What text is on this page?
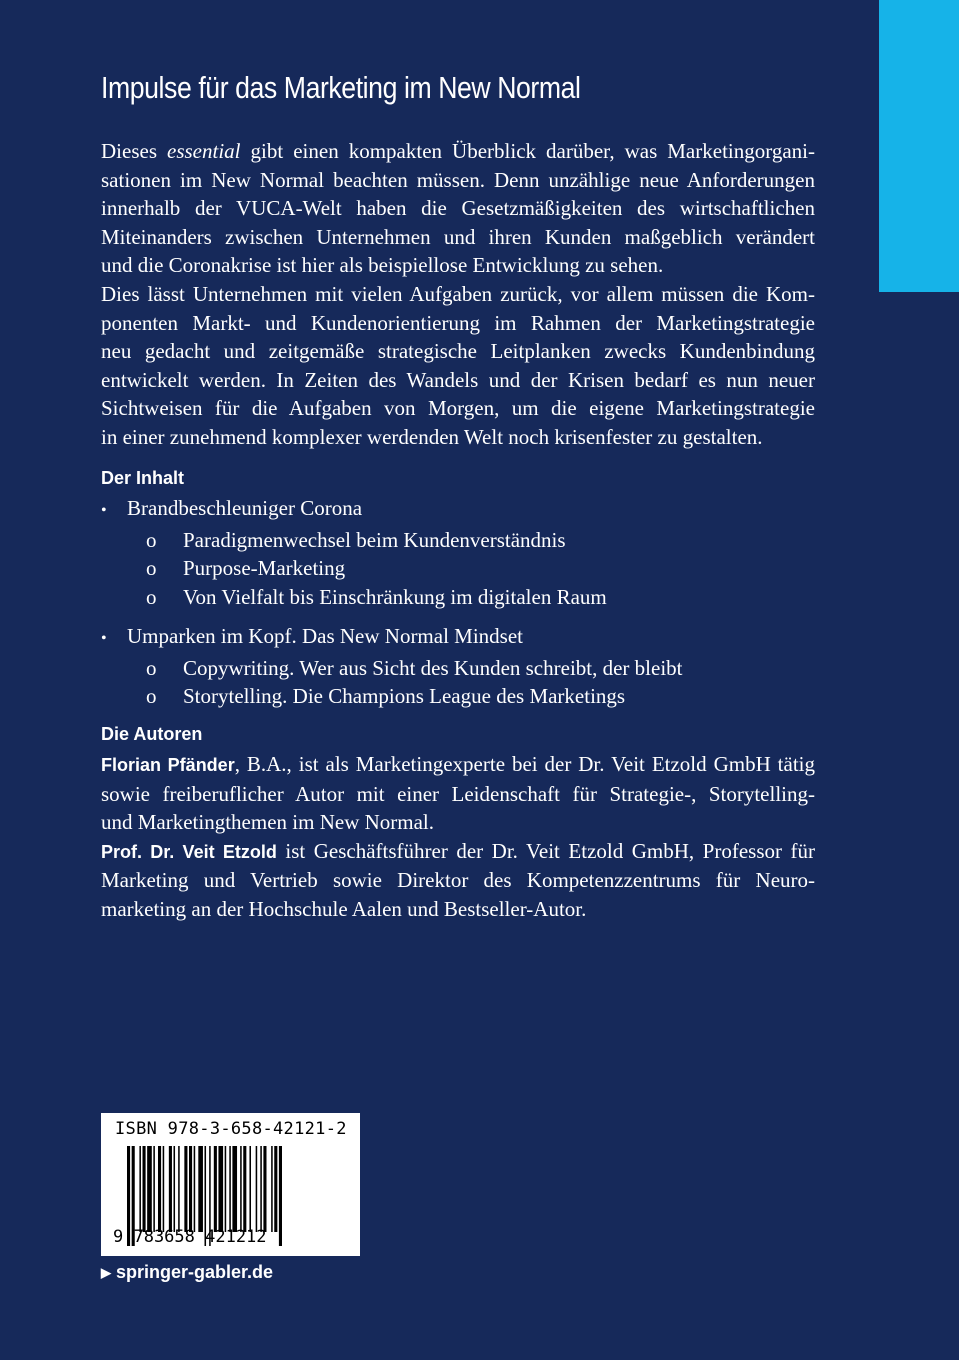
Impulse für das Marketing im New Normal
Dieses essential gibt einen kompakten Überblick darüber, was Marketingorgani-
sationen im New Normal beachten müssen. Denn unzählige neue Anforderungen
innerhalb der VUCA-Welt haben die Gesetzmäßigkeiten des wirtschaftlichen
Miteinanders zwischen Unternehmen und ihren Kunden maßgeblich verändert
und die Coronakrise ist hier als beispiellose Entwicklung zu sehen.
Dies lässt Unternehmen mit vielen Aufgaben zurück, vor allem müssen die Kom-
ponenten Markt- und Kundenorientierung im Rahmen der Marketingstrategie
neu gedacht und zeitgemäße strategische Leitplanken zwecks Kundenbindung
entwickelt werden. In Zeiten des Wandels und der Krisen bedarf es nun neuer
Sichtweisen für die Aufgaben von Morgen, um die eigene Marketingstrategie
in einer zunehmend komplexer werdenden Welt noch krisenfester zu gestalten.
Der Inhalt
• Brandbeschleuniger Corona
o	Paradigmenwechsel beim Kundenverständnis
o	Purpose-Marketing
o	Von Vielfalt bis Einschränkung im digitalen Raum
• Umparken im Kopf. Das New Normal Mindset
o	Copywriting. Wer aus Sicht des Kunden schreibt, der bleibt
o	Storytelling. Die Champions League des Marketings
Die Autoren
Florian Pfänder, B.A., ist als Marketingexperte bei der Dr. Veit Etzold GmbH tätig
sowie freiberuflicher Autor mit einer Leidenschaft für Strategie-, Storytelling-
und Marketingthemen im New Normal.
Prof. Dr. Veit Etzold ist Geschäftsführer der Dr. Veit Etzold GmbH, Professor für
Marketing und Vertrieb sowie Direktor des Kompetenzzentrums für Neuro-
marketing an der Hochschule Aalen und Bestseller-Autor.
ISBN 978-3-658-42121-2
9 783658 421212
▶ springer-gabler.de
